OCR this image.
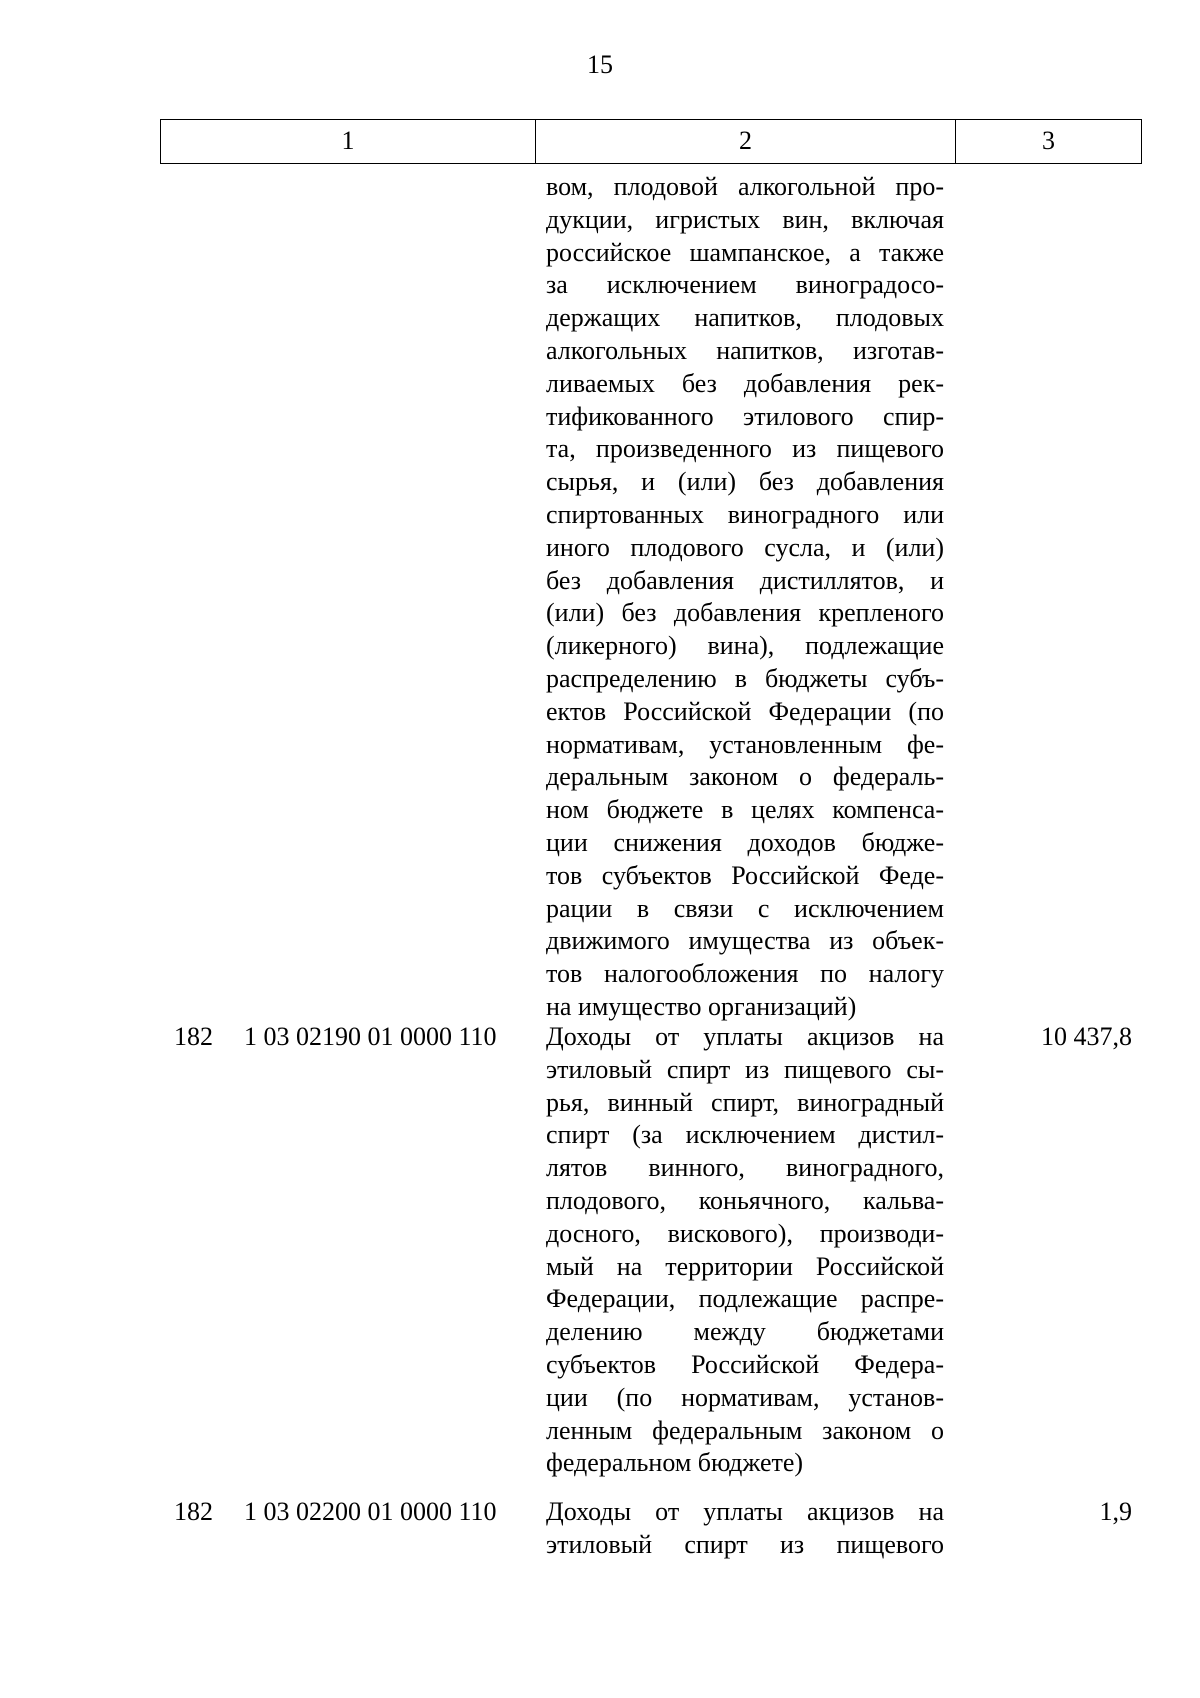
15
1	2	3
вом, плодовой алкогольной про-
дукции, игристых вин, включая
российское шампанское, а также
за исключением виноградосо-
держащих напитков, плодовых
алкогольных напитков, изготав-
ливаемых без добавления рек-
тификованного этилового спир-
та, произведенного из пищевого
сырья, и (или) без добавления
спиртованных виноградного или
иного плодового сусла, и (или)
без добавления дистиллятов, и
(или) без добавления крепленого
(ликерного) вина), подлежащие
распределению в бюджеты субъ-
ектов Российской Федерации (по
нормативам, установленным фе-
деральным законом о федераль-
ном бюджете в целях компенса-
ции снижения доходов бюдже-
тов субъектов Российской Феде-
рации в связи с исключением
движимого имущества из объек-
тов налогообложения по налогу
на имущество организаций)
182 1 03 02190 01 0000 110 Доходы от уплаты акцизов на
этиловый спирт из пищевого сы-
рья, винный спирт, виноградный
спирт (за исключением дистил-
лятов винного, виноградного,
плодового, коньячного, кальва-
досного, вискового), производи-
мый на территории Российской
Федерации, подлежащие распре-
делению между бюджетами
субъектов Российской Федера-
ции (по нормативам, установ-
ленным федеральным законом о
федеральном бюджете)
10 437,8
182 1 03 02200 01 0000 110 Доходы от уплаты акцизов на
этиловый спирт из пищевого
1,9
